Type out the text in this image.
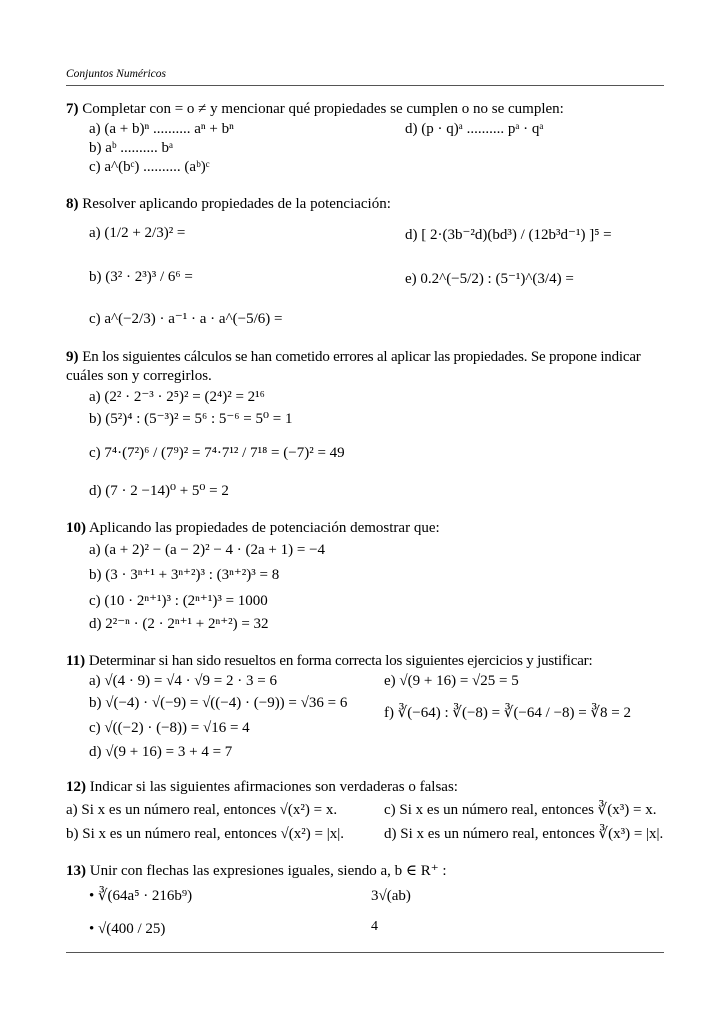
Conjuntos Numéricos
7) Completar con = o ≠ y mencionar qué propiedades se cumplen o no se cumplen:
a) (a + b)ⁿ .......... aⁿ + bⁿ
b) aᵇ .......... bᵃ
c) a^(bᶜ) .......... (aᵇ)ᶜ
d) (p · q)ᵃ .......... pᵃ · qᵃ
8) Resolver aplicando propiedades de la potenciación:
a) (1/2 + 2/3)² =
b) (3² · 2³)³ / 6⁶ =
c) a^(−2/3) · a⁻¹ · a · a^(−5/6) =
d) [ 2·(3b⁻²d)(bd³) / (12b³d⁻¹) ]⁵ =
e) 0.2^(−5/2) : (5⁻¹)^(3/4) =
9) En los siguientes cálculos se han cometido errores al aplicar las propiedades. Se propone indicar
cuáles son y corregirlos.
a) (2² · 2⁻³ · 2⁵)² = (2⁴)² = 2¹⁶
b) (5²)⁴ : (5⁻³)² = 5⁶ : 5⁻⁶ = 5⁰ = 1
c) 7⁴·(7²)⁶ / (7⁹)² = 7⁴·7¹² / 7¹⁸ = (−7)² = 49
d) (7 · 2 −14)⁰ + 5⁰ = 2
10) Aplicando las propiedades de potenciación demostrar que:
a) (a + 2)² − (a − 2)² − 4 · (2a + 1) = −4
b) (3 · 3ⁿ⁺¹ + 3ⁿ⁺²)³ : (3ⁿ⁺²)³ = 8
c) (10 · 2ⁿ⁺¹)³ : (2ⁿ⁺¹)³ = 1000
d) 2²⁻ⁿ · (2 · 2ⁿ⁺¹ + 2ⁿ⁺²) = 32
11) Determinar si han sido resueltos en forma correcta los siguientes ejercicios y justificar:
a) √(4 · 9) = √4 · √9 = 2 · 3 = 6
b) √(−4) · √(−9) = √((−4) · (−9)) = √36 = 6
c) √((−2) · (−8)) = √16 = 4
d) √(9 + 16) = 3 + 4 = 7
e) √(9 + 16) = √25 = 5
f) ∛(−64) : ∛(−8) = ∛(−64 / −8) = ∛8 = 2
12) Indicar si las siguientes afirmaciones son verdaderas o falsas:
a) Si x es un número real, entonces √(x²) = x.
b) Si x es un número real, entonces √(x²) = |x|.
c) Si x es un número real, entonces ∛(x³) = x.
d) Si x es un número real, entonces ∛(x³) = |x|.
13) Unir con flechas las expresiones iguales, siendo a, b ∈ R⁺ :
• ∛(64a⁵ · 216b⁹)
• √(400 / 25)
3√(ab)
4
